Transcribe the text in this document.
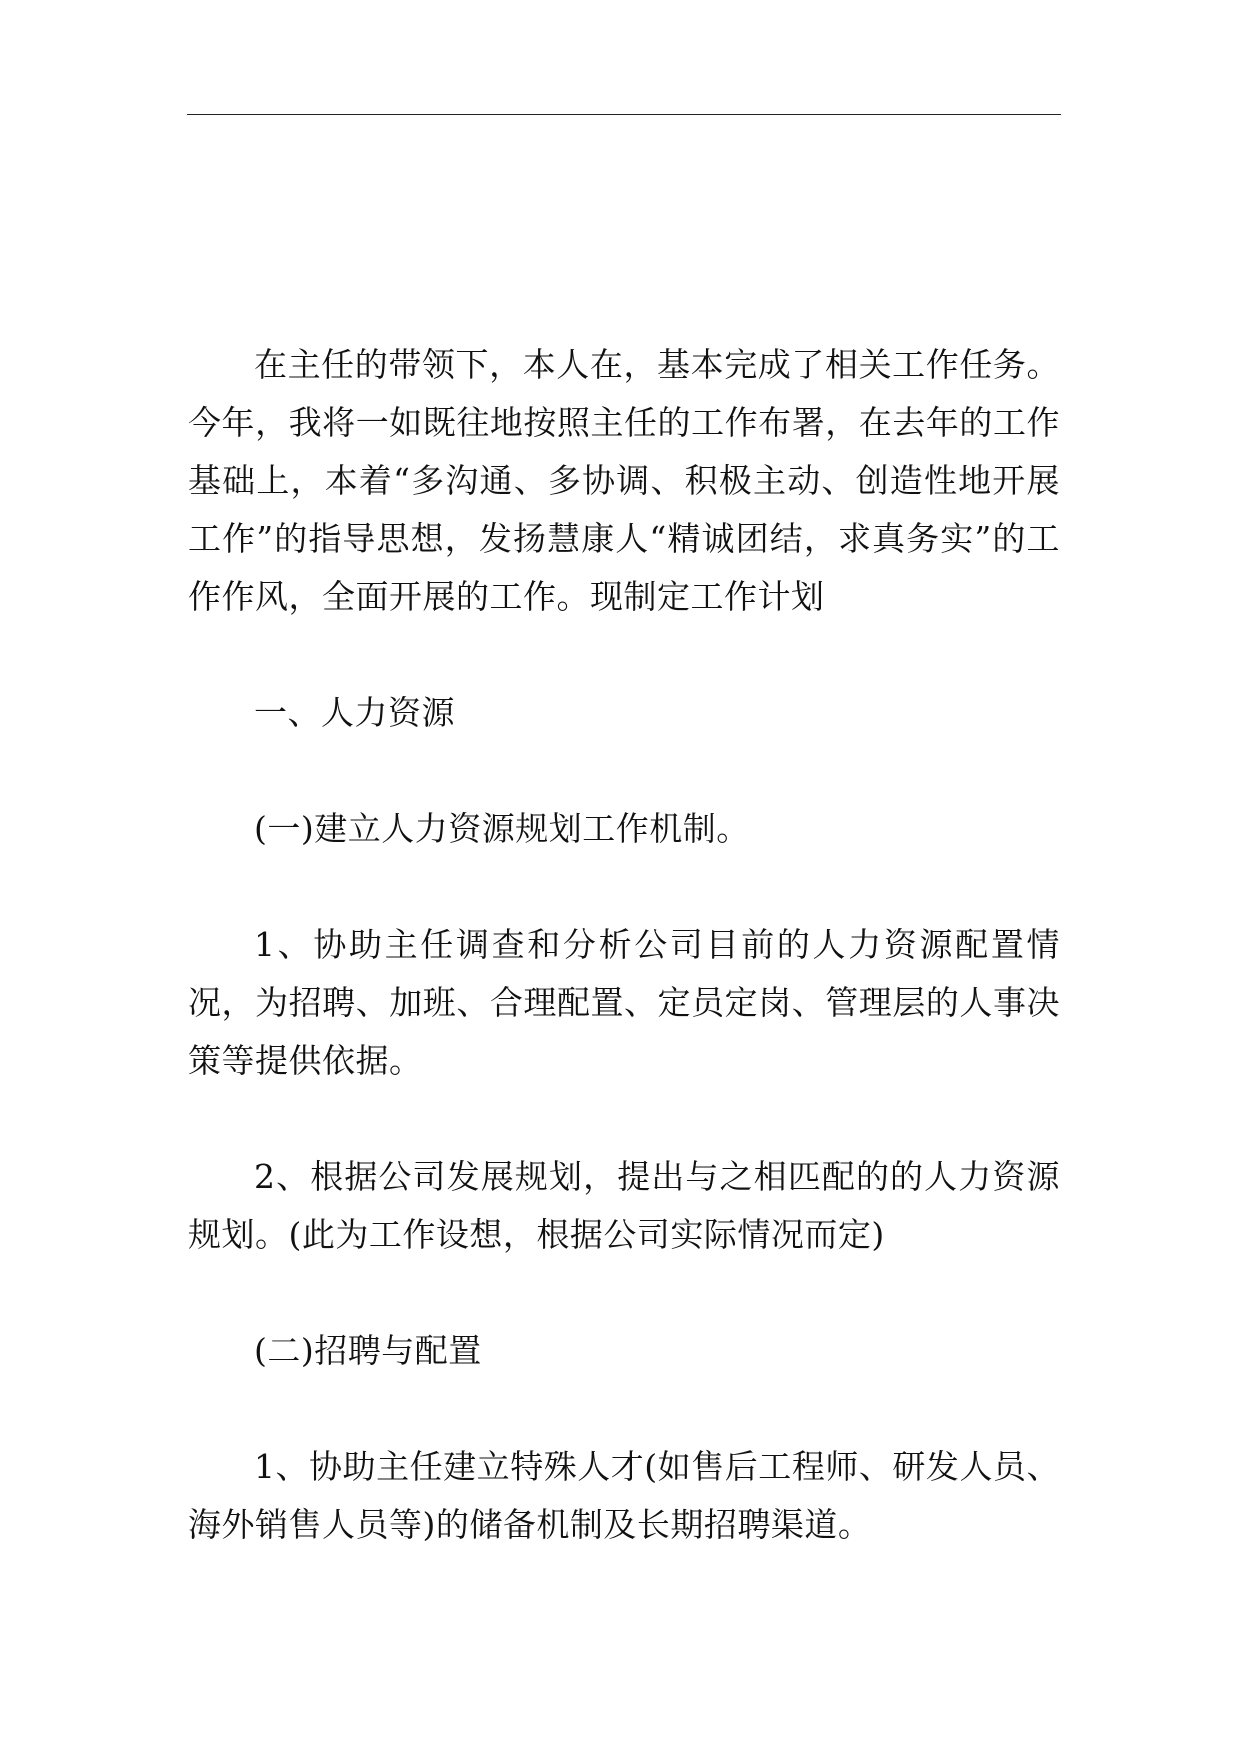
在主任的带领下，本人在，基本完成了相关工作任务。今年，我将一如既往地按照主任的工作布署，在去年的工作基础上，本着“多沟通、多协调、积极主动、创造性地开展工作”的指导思想，发扬慧康人“精诚团结，求真务实”的工作作风，全面开展的工作。现制定工作计划

一、人力资源

(一)建立人力资源规划工作机制。

1、协助主任调查和分析公司目前的人力资源配置情况，为招聘、加班、合理配置、定员定岗、管理层的人事决策等提供依据。

2、根据公司发展规划，提出与之相匹配的的人力资源规划。(此为工作设想，根据公司实际情况而定)

(二)招聘与配置

1、协助主任建立特殊人才(如售后工程师、研发人员、海外销售人员等)的储备机制及长期招聘渠道。
